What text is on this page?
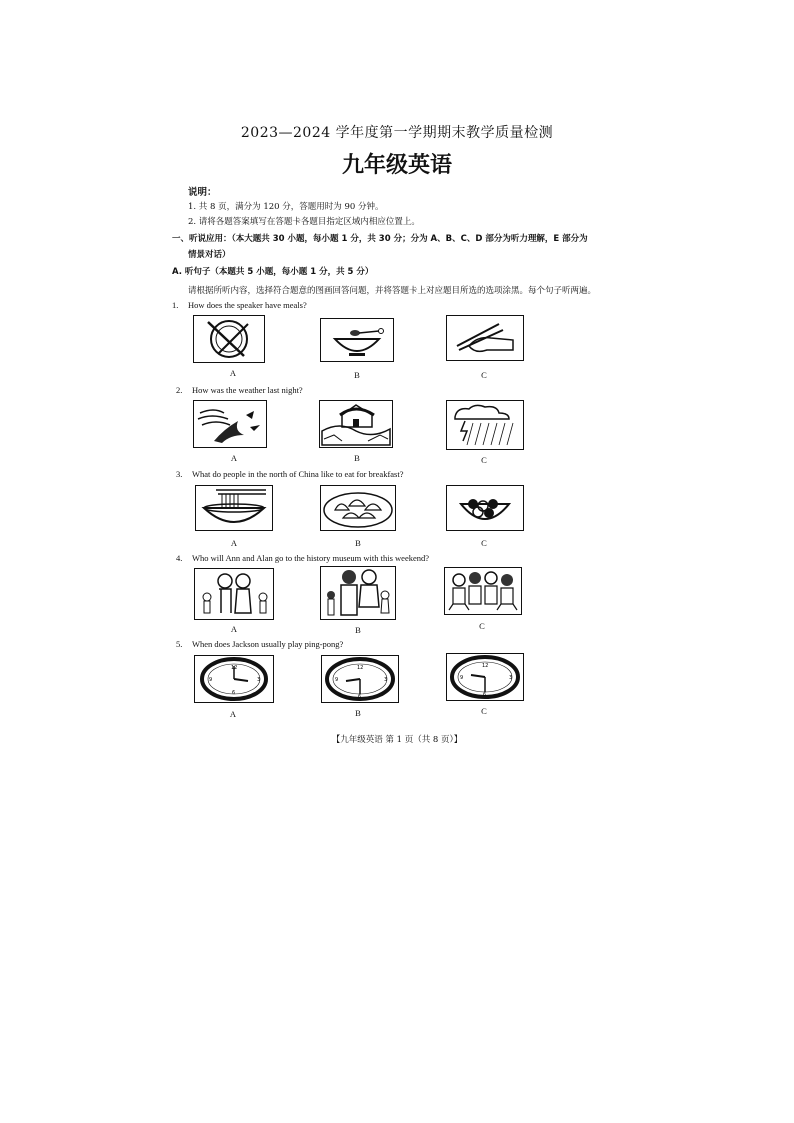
2023—2024 学年度第一学期期末教学质量检测
九年级英语
说明：
1. 共 8 页，满分为 120 分，答题用时为 90 分钟。
2. 请将各题答案填写在答题卡各题目指定区域内相应位置上。
一、听说应用：（本大题共 30 小题，每小题 1 分，共 30 分；分为 A、B、C、D 部分为听力理解，E 部分为
情景对话）
A. 听句子（本题共 5 小题，每小题 1 分，共 5 分）
请根据所听内容，选择符合题意的图画回答问题，并将答题卡上对应题目所选的选项涂黑。每个句子听两遍。
1. How does the speaker have meals?
A	B	C
2. How was the weather last night?
A	B	C
3. What do people in the north of China like to eat for breakfast?
A	B	C
4. Who will Ann and Alan go to the history museum with this weekend?
A	B	C
5. When does Jackson usually play ping-pong?
12
3
6
9
12
3
6
9
12
3
6
9
A	B	C
【九年级英语 第 1 页（共 8 页）】
